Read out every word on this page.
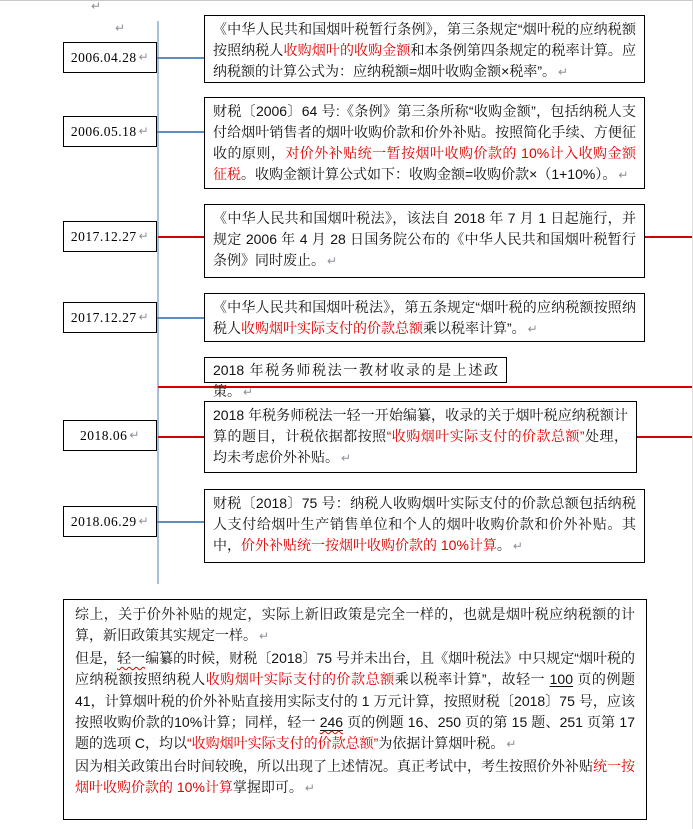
↵
↵
2006.04.28 ↵
2006.05.18 ↵
2017.12.27 ↵
2017.12.27 ↵
2018.06 ↵
2018.06.29 ↵
《中华人民共和国烟叶税暂行条例》，第三条规定“烟叶税的应纳税额按照纳税人收购烟叶的收购金额和本条例第四条规定的税率计算。应纳税额的计算公式为：应纳税额=烟叶收购金额×税率”。 ↵
财税〔2006〕64 号:《条例》第三条所称“收购金额”，包括纳税人支付给烟叶销售者的烟叶收购价款和价外补贴。按照简化手续、方便征收的原则，对价外补贴统一暂按烟叶收购价款的 10%计入收购金额征税。收购金额计算公式如下：收购金额=收购价款×（1+10%）。 ↵
《中华人民共和国烟叶税法》，该法自 2018 年 7 月 1 日起施行，并规定 2006 年 4 月 28 日国务院公布的《中华人民共和国烟叶税暂行条例》同时废止。 ↵
《中华人民共和国烟叶税法》，第五条规定“烟叶税的应纳税额按照纳税人收购烟叶实际支付的价款总额乘以税率计算”。 ↵
2018 年税务师税法一教材收录的是上述政策。 ↵
2018 年税务师税法一轻一开始编纂，收录的关于烟叶税应纳税额计算的题目，计税依据都按照“收购烟叶实际支付的价款总额”处理，均未考虑价外补贴。 ↵
财税〔2018〕75 号：纳税人收购烟叶实际支付的价款总额包括纳税人支付给烟叶生产销售单位和个人的烟叶收购价款和价外补贴。其中，价外补贴统一按烟叶收购价款的 10%计算。 ↵

综上，关于价外补贴的规定，实际上新旧政策是完全一样的，也就是烟叶税应纳税额的计算，新旧政策其实规定一样。 ↵

但是，轻一编纂的时候，财税〔2018〕75 号并未出台，且《烟叶税法》中只规定“烟叶税的应纳税额按照纳税人收购烟叶实际支付的价款总额乘以税率计算”，故轻一 100 页的例题 41，计算烟叶税的价外补贴直接用实际支付的 1 万元计算，按照财税〔2018〕75 号，应该按照收购价款的10%计算；同样，轻一 246 页的例题 16、250 页的第 15 题、251 页第 17 题的选项 C，均以“收购烟叶实际支付的价款总额”为依据计算烟叶税。 ↵

因为相关政策出台时间较晚，所以出现了上述情况。真正考试中，考生按照价外补贴统一按烟叶收购价款的 10%计算掌握即可。 ↵
